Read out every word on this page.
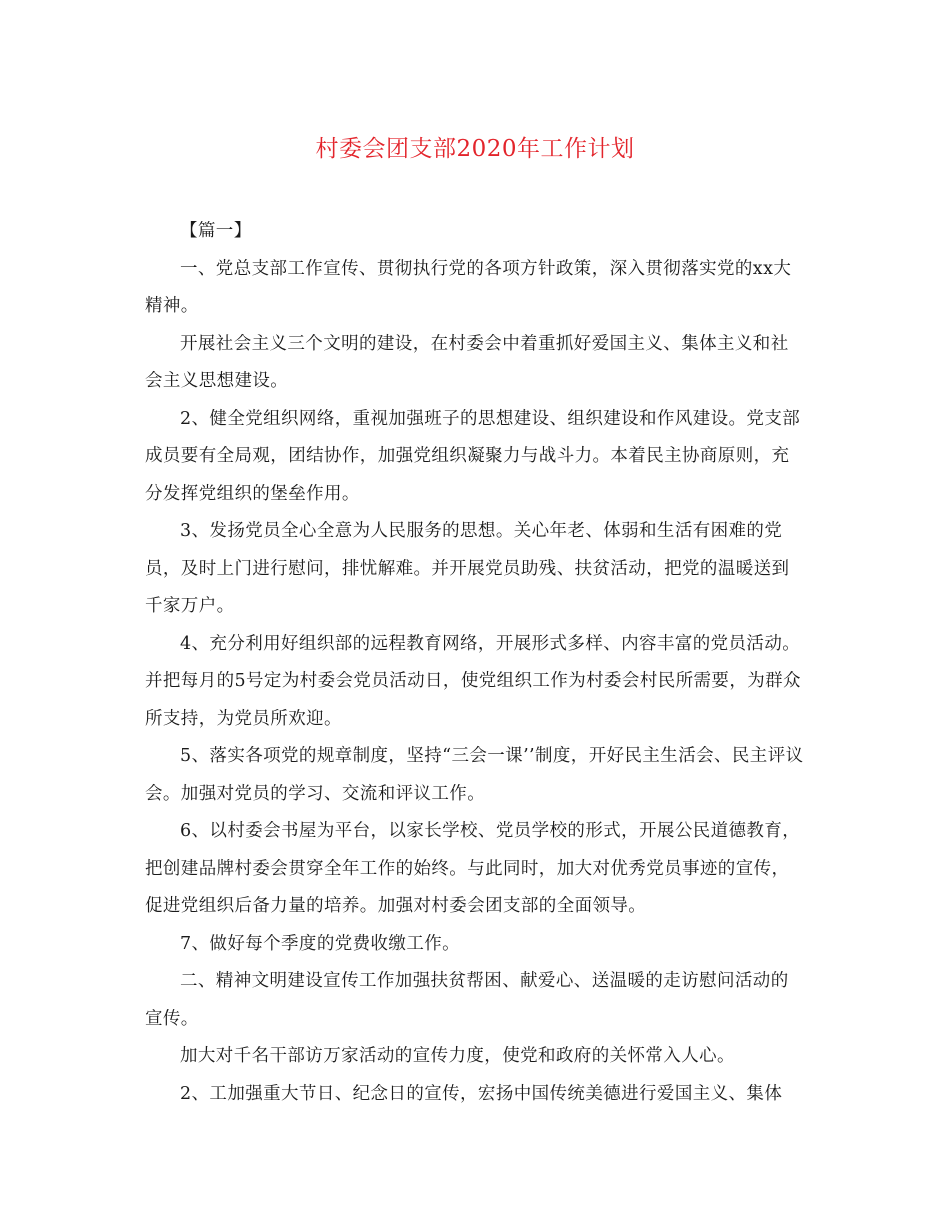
村委会团支部2020年工作计划

【篇一】

一、党总支部工作宣传、贯彻执行党的各项方针政策，深入贯彻落实党的xx大精神。

开展社会主义三个文明的建设，在村委会中着重抓好爱国主义、集体主义和社会主义思想建设。

2、健全党组织网络，重视加强班子的思想建设、组织建设和作风建设。党支部成员要有全局观，团结协作，加强党组织凝聚力与战斗力。本着民主协商原则，充分发挥党组织的堡垒作用。

3、发扬党员全心全意为人民服务的思想。关心年老、体弱和生活有困难的党员，及时上门进行慰问，排忧解难。并开展党员助残、扶贫活动，把党的温暖送到千家万户。

4、充分利用好组织部的远程教育网络，开展形式多样、内容丰富的党员活动。并把每月的5号定为村委会党员活动日，使党组织工作为村委会村民所需要，为群众所支持，为党员所欢迎。

5、落实各项党的规章制度，坚持“三会一课’’制度，开好民主生活会、民主评议会。加强对党员的学习、交流和评议工作。

6、以村委会书屋为平台，以家长学校、党员学校的形式，开展公民道德教育，把创建品牌村委会贯穿全年工作的始终。与此同时，加大对优秀党员事迹的宣传，促进党组织后备力量的培养。加强对村委会团支部的全面领导。

7、做好每个季度的党费收缴工作。

二、精神文明建设宣传工作加强扶贫帮困、献爱心、送温暖的走访慰问活动的宣传。

加大对千名干部访万家活动的宣传力度，使党和政府的关怀常入人心。

2、工加强重大节日、纪念日的宣传，宏扬中国传统美德进行爱国主义、集体
